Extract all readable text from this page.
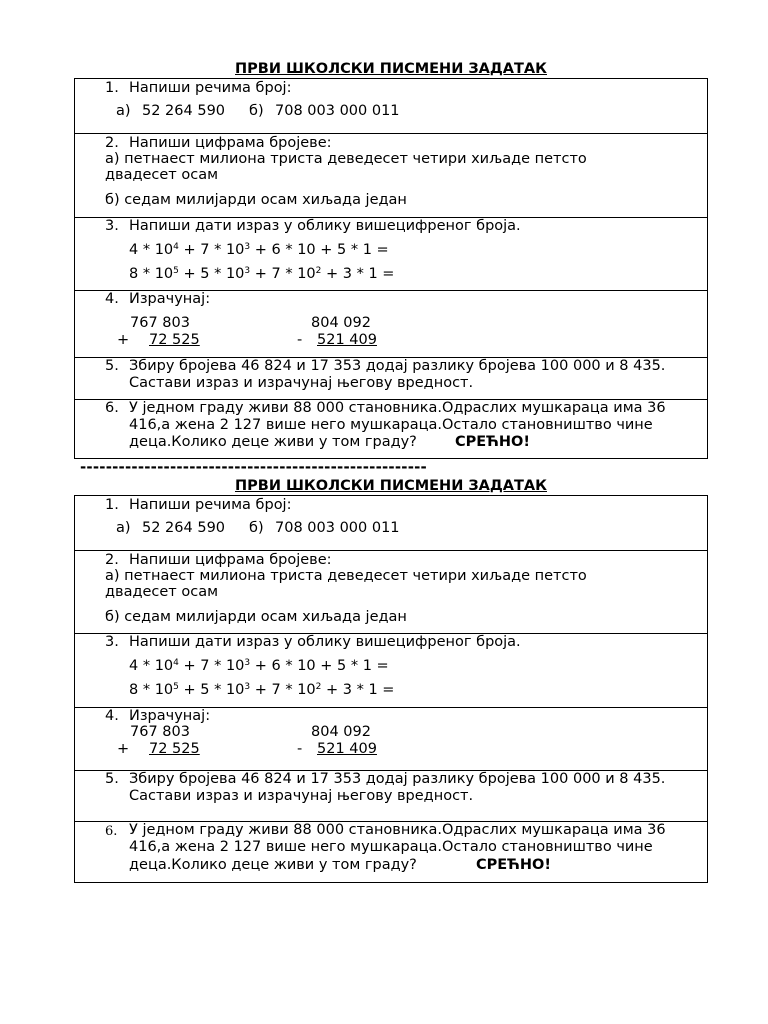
ПРВИ ШКОЛСКИ ПИСМЕНИ ЗАДАТАК
1. Напиши речима број:
а) 52 264 590 б) 708 003 000 011
2. Напиши цифрама бројеве:
а) петнаест милиона триста деведесет четири хиљаде петсто
двадесет осам
б) седам милијарди осам хиљада један
3. Напиши дати израз у облику вишецифреног броја.
$4 * 10^4 + 7 * 10^3 + 6 * 10 + 5 * 1$ =
$8 * 10^5 + 5 * 10^3 + 7 * 10^2 + 3 * 1$ =
4. Израчунај:
767 803
+ 72 525
804 092
- 521 409
5. Збиру бројева 46 824 и 17 353 додај разлику бројева 100 000 и 8 435.
Састави израз и израчунај његову вредност.
6. У једном граду живи 88 000 становника.Одраслих мушкараца има 36
416,а жена 2 127 више него мушкараца.Остало становништво чине
деца.Колико деце живи у том граду?	СРЕЋНО!
------------------------------------------------------
ПРВИ ШКОЛСКИ ПИСМЕНИ ЗАДАТАК
1. Напиши речима број:
а) 52 264 590 б) 708 003 000 011
2. Напиши цифрама бројеве:
а) петнаест милиона триста деведесет четири хиљаде петсто
двадесет осам
б) седам милијарди осам хиљада један
3. Напиши дати израз у облику вишецифреног броја.
$4 * 10^4 + 7 * 10^3 + 6 * 10 + 5 * 1$ =
$8 * 10^5 + 5 * 10^3 + 7 * 10^2 + 3 * 1$ =
4. Израчунај:
767 803
+ 72 525
804 092
- 521 409
5. Збиру бројева 46 824 и 17 353 додај разлику бројева 100 000 и 8 435.
Састави израз и израчунај његову вредност.
6. У једном граду живи 88 000 становника.Одраслих мушкараца има 36
416,а жена 2 127 више него мушкараца.Остало становништво чине
деца.Колико деце живи у том граду?	СРЕЋНО!
